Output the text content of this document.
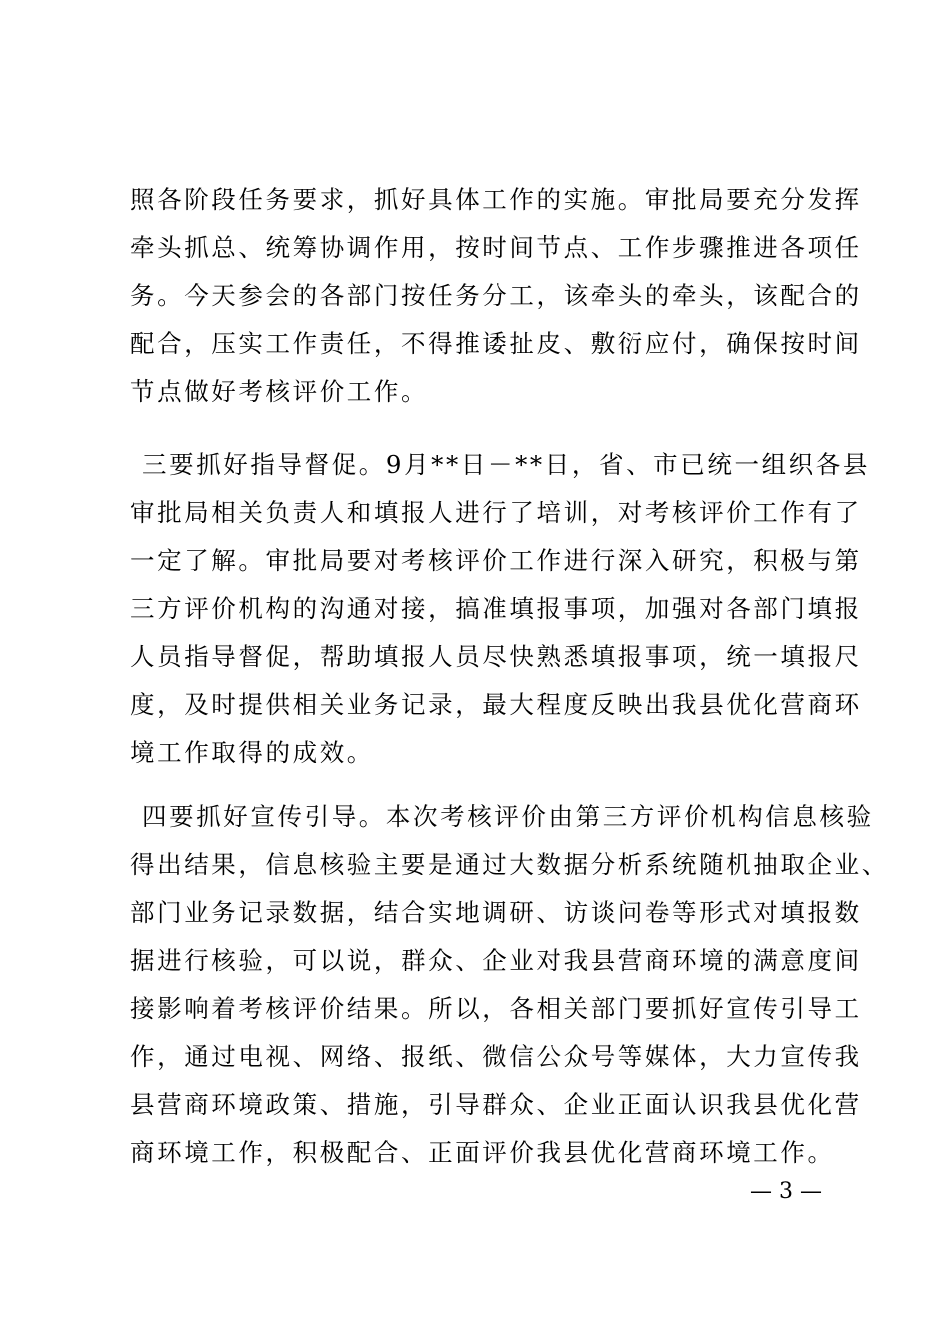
照各阶段任务要求，抓好具体工作的实施。审批局要充分发挥
牵头抓总、统筹协调作用，按时间节点、工作步骤推进各项任
务。今天参会的各部门按任务分工，该牵头的牵头，该配合的
配合，压实工作责任，不得推诿扯皮、敷衍应付，确保按时间
节点做好考核评价工作。
三要抓好指导督促。9月**日－**日，省、市已统一组织各县
审批局相关负责人和填报人进行了培训，对考核评价工作有了
一定了解。审批局要对考核评价工作进行深入研究，积极与第
三方评价机构的沟通对接，搞准填报事项，加强对各部门填报
人员指导督促，帮助填报人员尽快熟悉填报事项，统一填报尺
度，及时提供相关业务记录，最大程度反映出我县优化营商环
境工作取得的成效。
四要抓好宣传引导。本次考核评价由第三方评价机构信息核验
得出结果，信息核验主要是通过大数据分析系统随机抽取企业、
部门业务记录数据，结合实地调研、访谈问卷等形式对填报数
据进行核验，可以说，群众、企业对我县营商环境的满意度间
接影响着考核评价结果。所以，各相关部门要抓好宣传引导工
作，通过电视、网络、报纸、微信公众号等媒体，大力宣传我
县营商环境政策、措施，引导群众、企业正面认识我县优化营
商环境工作，积极配合、正面评价我县优化营商环境工作。
— 3 —
